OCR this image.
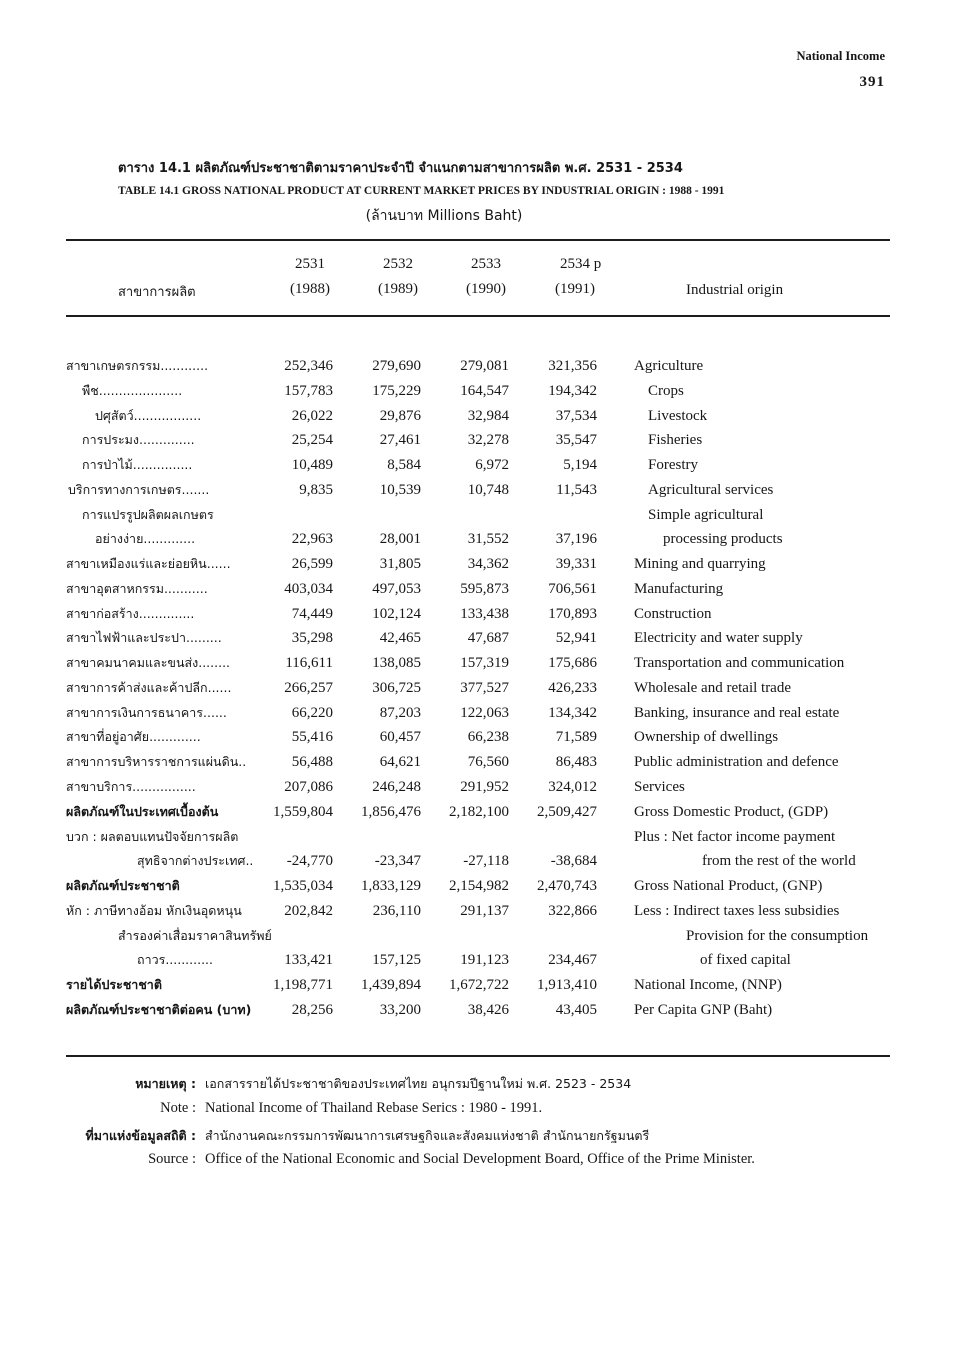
National Income
391
ตาราง 14.1 ผลิตภัณฑ์ประชาชาติตามราคาประจำปี จำแนกตามสาขาการผลิต พ.ศ. 2531 - 2534
TABLE 14.1 GROSS NATIONAL PRODUCT AT CURRENT MARKET PRICES BY INDUSTRIAL ORIGIN : 1988 - 1991
(ล้านบาท Millions Baht)
2531	2532	2533	2534 p
(1988)	(1989)	(1990)	(1991)
สาขาการผลิต	Industrial origin
สาขาเกษตรกรรม............	252,346	279,690	279,081	321,356 Agriculture
พืช.....................	157,783	175,229	164,547	194,342	Crops
ปศุสัตว์.................	26,022	29,876	32,984	37,534	Livestock
การประมง..............	25,254	27,461	32,278	35,547	Fisheries
การป่าไม้...............	10,489	8,584	6,972	5,194	Forestry
บริการทางการเกษตร.......	9,835	10,539	10,748	11,543	Agricultural services
การแปรรูปผลิตผลเกษตร	Simple agricultural
อย่างง่าย.............	22,963	28,001	31,552	37,196	processing products
สาขาเหมืองแร่และย่อยหิน......	26,599	31,805	34,362	39,331 Mining and quarrying
สาขาอุตสาหกรรม...........	403,034	497,053	595,873	706,561 Manufacturing
สาขาก่อสร้าง..............	74,449	102,124	133,438	170,893 Construction
สาขาไฟฟ้าและประปา.........	35,298	42,465	47,687	52,941 Electricity and water supply
สาขาคมนาคมและขนส่ง........	116,611	138,085	157,319	175,686 Transportation and communication
สาขาการค้าส่งและค้าปลีก......	266,257	306,725	377,527	426,233 Wholesale and retail trade
สาขาการเงินการธนาคาร......	66,220	87,203	122,063	134,342 Banking, insurance and real estate
สาขาที่อยู่อาศัย.............	55,416	60,457	66,238	71,589 Ownership of dwellings
สาขาการบริหารราชการแผ่นดิน..	56,488	64,621	76,560	86,483 Public administration and defence
สาขาบริการ................	207,086	246,248	291,952	324,012 Services
ผลิตภัณฑ์ในประเทศเบื้องต้น	1,559,804	1,856,476	2,182,100	2,509,427 Gross Domestic Product, (GDP)
บวก : ผลตอบแทนปัจจัยการผลิต	Plus : Net factor income payment
สุทธิจากต่างประเทศ..	-24,770	-23,347	-27,118	-38,684	from the rest of the world
ผลิตภัณฑ์ประชาชาติ	1,535,034	1,833,129	2,154,982	2,470,743 Gross National Product, (GNP)
หัก : ภาษีทางอ้อม หักเงินอุดหนุน	202,842	236,110	291,137	322,866 Less : Indirect taxes less subsidies
สำรองค่าเสื่อมราคาสินทรัพย์	Provision for the consumption
ถาวร............	133,421	157,125	191,123	234,467	of fixed capital
รายได้ประชาชาติ	1,198,771	1,439,894	1,672,722	1,913,410 National Income, (NNP)
ผลิตภัณฑ์ประชาชาติต่อคน (บาท)	28,256	33,200	38,426	43,405 Per Capita GNP (Baht)
หมายเหตุ : เอกสารรายได้ประชาชาติของประเทศไทย อนุกรมปีฐานใหม่ พ.ศ. 2523 - 2534
Note : National Income of Thailand Rebase Serics : 1980 - 1991.
ที่มาแห่งข้อมูลสถิติ : สำนักงานคณะกรรมการพัฒนาการเศรษฐกิจและสังคมแห่งชาติ สำนักนายกรัฐมนตรี
Source : Office of the National Economic and Social Development Board, Office of the Prime Minister.
